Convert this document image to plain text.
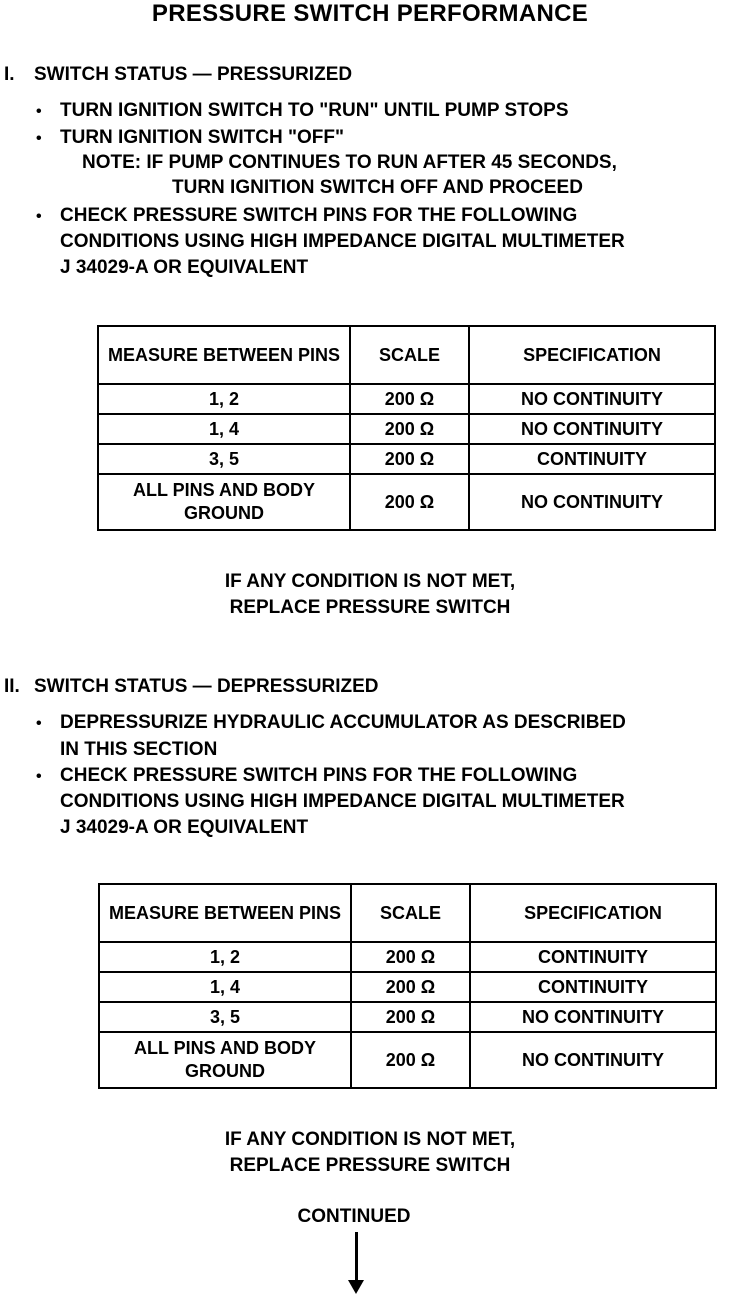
PRESSURE SWITCH PERFORMANCE
I. SWITCH STATUS — PRESSURIZED
• TURN IGNITION SWITCH TO "RUN" UNTIL PUMP STOPS
• TURN IGNITION SWITCH "OFF"
NOTE: IF PUMP CONTINUES TO RUN AFTER 45 SECONDS,
TURN IGNITION SWITCH OFF AND PROCEED
• CHECK PRESSURE SWITCH PINS FOR THE FOLLOWING
CONDITIONS USING HIGH IMPEDANCE DIGITAL MULTIMETER
J 34029-A OR EQUIVALENT
MEASURE BETWEEN PINS	SCALE	SPECIFICATION
1, 2	200 Ω	NO CONTINUITY
1, 4	200 Ω	NO CONTINUITY
3, 5	200 Ω	CONTINUITY
ALL PINS AND BODY GROUND	200 Ω	NO CONTINUITY
IF ANY CONDITION IS NOT MET,
REPLACE PRESSURE SWITCH
II. SWITCH STATUS — DEPRESSURIZED
• DEPRESSURIZE HYDRAULIC ACCUMULATOR AS DESCRIBED
IN THIS SECTION
• CHECK PRESSURE SWITCH PINS FOR THE FOLLOWING
CONDITIONS USING HIGH IMPEDANCE DIGITAL MULTIMETER
J 34029-A OR EQUIVALENT
MEASURE BETWEEN PINS	SCALE	SPECIFICATION
1, 2	200 Ω	CONTINUITY
1, 4	200 Ω	CONTINUITY
3, 5	200 Ω	NO CONTINUITY
ALL PINS AND BODY GROUND	200 Ω	NO CONTINUITY
IF ANY CONDITION IS NOT MET,
REPLACE PRESSURE SWITCH
CONTINUED
